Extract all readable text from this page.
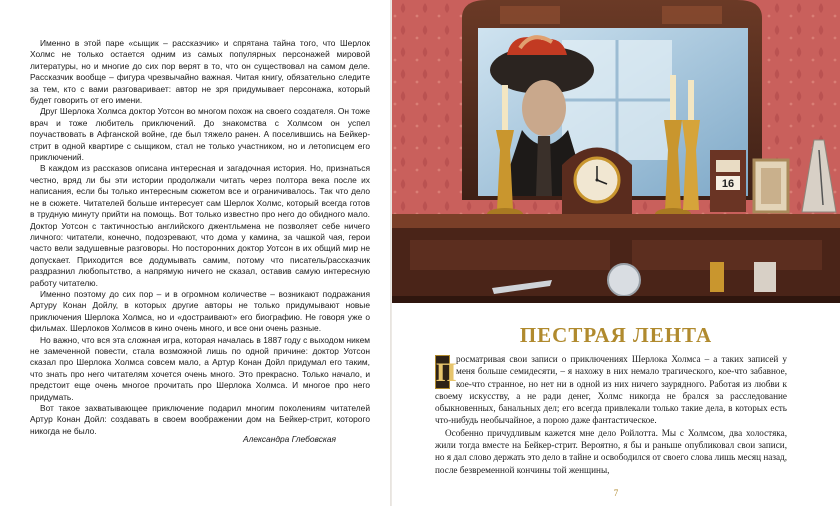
Именно в этой паре «сыщик – рассказчик» и спрятана тайна того, что Шерлок Холмс не только остается одним из самых популярных персонажей мировой литературы, но и многие до сих пор верят в то, что он существовал на самом деле. Рассказчик вообще – фигура чрезвычайно важная. Читая книгу, обязательно следите за тем, кто с вами разговаривает: автор не зря придумывает персонажа, который будет говорить от его имени.

Друг Шерлока Холмса доктор Уотсон во многом похож на своего создателя. Он тоже врач и тоже любитель приключений. До знакомства с Холмсом он успел поучаствовать в Афганской войне, где был тяжело ранен. А поселившись на Бейкер-стрит в одной квартире с сыщиком, стал не только участником, но и летописцем его приключений.

В каждом из рассказов описана интересная и загадочная история. Но, признаться честно, вряд ли бы эти истории продолжали читать через полтора века после их написания, если бы только интересным сюжетом все и ограничивалось. Так что дело не в сюжете. Читателей больше интересует сам Шерлок Холмс, который всегда готов в трудную минуту прийти на помощь. Вот только известно про него до обидного мало. Доктор Уотсон с тактичностью английского джентльмена не позволяет себе ничего личного: читатели, конечно, подозревают, что дома у камина, за чашкой чая, герои часто вели задушевные разговоры. Но посторонних доктор Уотсон в их общий мир не допускает. Приходится все додумывать самим, потому что писатель/рассказчик раздразнил любопытство, а напрямую ничего не сказал, оставив самую интересную работу читателю.

Именно поэтому до сих пор – и в огромном количестве – возникают подражания Артуру Конан Дойлу, в которых другие авторы не только придумывают новые приключения Шерлока Холмса, но и «достраивают» его биографию. Не говоря уже о фильмах. Шерлоков Холмсов в кино очень много, и все они очень разные.

Но важно, что вся эта сложная игра, которая началась в 1887 году с выходом никем не замеченной повести, стала возможной лишь по одной причине: доктор Уотсон сказал про Шерлока Холмса совсем мало, а Артур Конан Дойл придумал его таким, что знать про него читателям хочется очень много. Это прекрасно. Только начало, и предстоит еще очень многое прочитать про Шерлока Холмса. И многое про него придумать.

Вот такое захватывающее приключение подарил многим поколениям читателей Артур Конан Дойл: создавать в своем воображении дом на Бейкер-стрит, которого никогда не было.

Александра Глебовская
16
ПЕСТРАЯ ЛЕНТА

П росматривая свои записи о приключениях Шерлока Холмса – а таких записей у меня больше семидесяти, – я нахожу в них немало трагического, кое-что забавное, кое-что странное, но нет ни в одной из них ничего заурядного. Работая из любви к своему искусству, а не ради денег, Холмс никогда не брался за расследование обыкновенных, банальных дел; его всегда привлекали только такие дела, в которых есть что-нибудь необычайное, а порою даже фантастическое.

Особенно причудливым кажется мне дело Ройлотта. Мы с Холмсом, два холостяка, жили тогда вместе на Бейкер-стрит. Вероятно, я бы и раньше опубликовал свои записи, но я дал слово держать это дело в тайне и освободился от своего слова лишь месяц назад, после безвременной кончины той женщины,

7
